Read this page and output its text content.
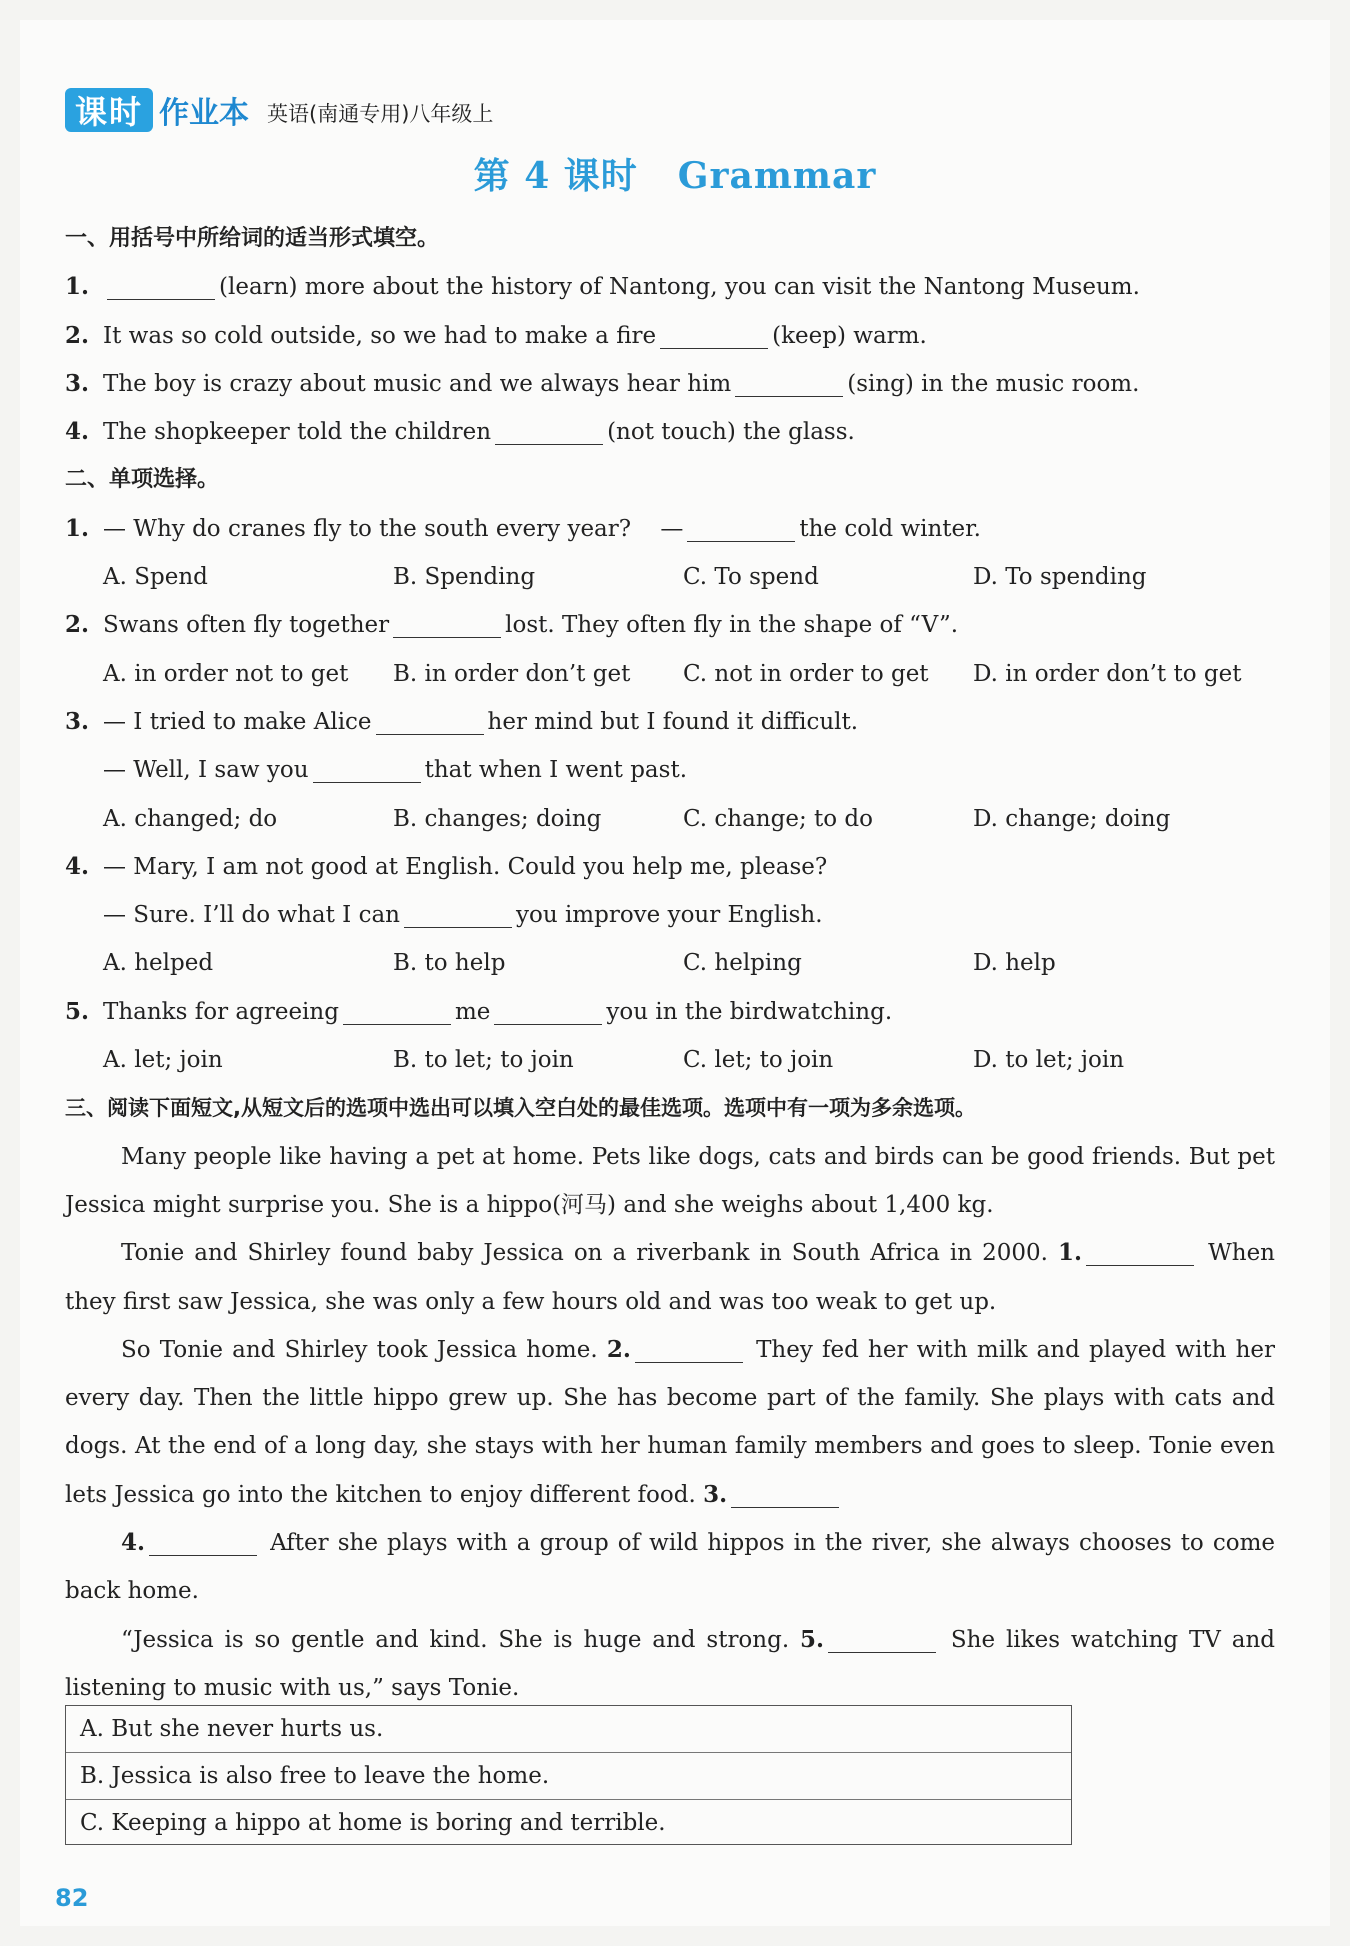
课时 作业本 英语(南通专用)八年级上
第 4 课时 Grammar
一、用括号中所给词的适当形式填空。
1.	(learn) more about the history of Nantong, you can visit the Nantong Museum.
2. It was so cold outside, so we had to make a fire	(keep) warm.
3. The boy is crazy about music and we always hear him	(sing) in the music room.
4. The shopkeeper told the children	(not touch) the glass.
二、单项选择。
1. — Why do cranes fly to the south every year? —	the cold winter.
A. Spend	B. Spending	C. To spend	D. To spending
2. Swans often fly together	lost. They often fly in the shape of “V”.
A. in order not to get	B. in order don’t get	C. not in order to get	D. in order don’t to get
3. — I tried to make Alice	her mind but I found it difficult.
— Well, I saw you	that when I went past.
A. changed; do	B. changes; doing	C. change; to do	D. change; doing
4. — Mary, I am not good at English. Could you help me, please?
— Sure. I’ll do what I can	you improve your English.
A. helped	B. to help	C. helping	D. help
5. Thanks for agreeing	me	you in the birdwatching.
A. let; join	B. to let; to join	C. let; to join	D. to let; join
三、阅读下面短文,从短文后的选项中选出可以填入空白处的最佳选项。选项中有一项为多余选项。
Many people like having a pet at home. Pets like dogs, cats and birds can be good friends. But pet Jessica might surprise you. She is a hippo(河马) and she weighs about 1,400 kg.
Tonie and Shirley found baby Jessica on a riverbank in South Africa in 2000. 1.	When they first saw Jessica, she was only a few hours old and was too weak to get up.
So Tonie and Shirley took Jessica home. 2.	They fed her with milk and played with her every day. Then the little hippo grew up. She has become part of the family. She plays with cats and dogs. At the end of a long day, she stays with her human family members and goes to sleep. Tonie even lets Jessica go into the kitchen to enjoy different food. 3.
4.	After she plays with a group of wild hippos in the river, she always chooses to come back home.
“Jessica is so gentle and kind. She is huge and strong. 5.	She likes watching TV and listening to music with us,” says Tonie.
A. But she never hurts us.
B. Jessica is also free to leave the home.
C. Keeping a hippo at home is boring and terrible.
82
